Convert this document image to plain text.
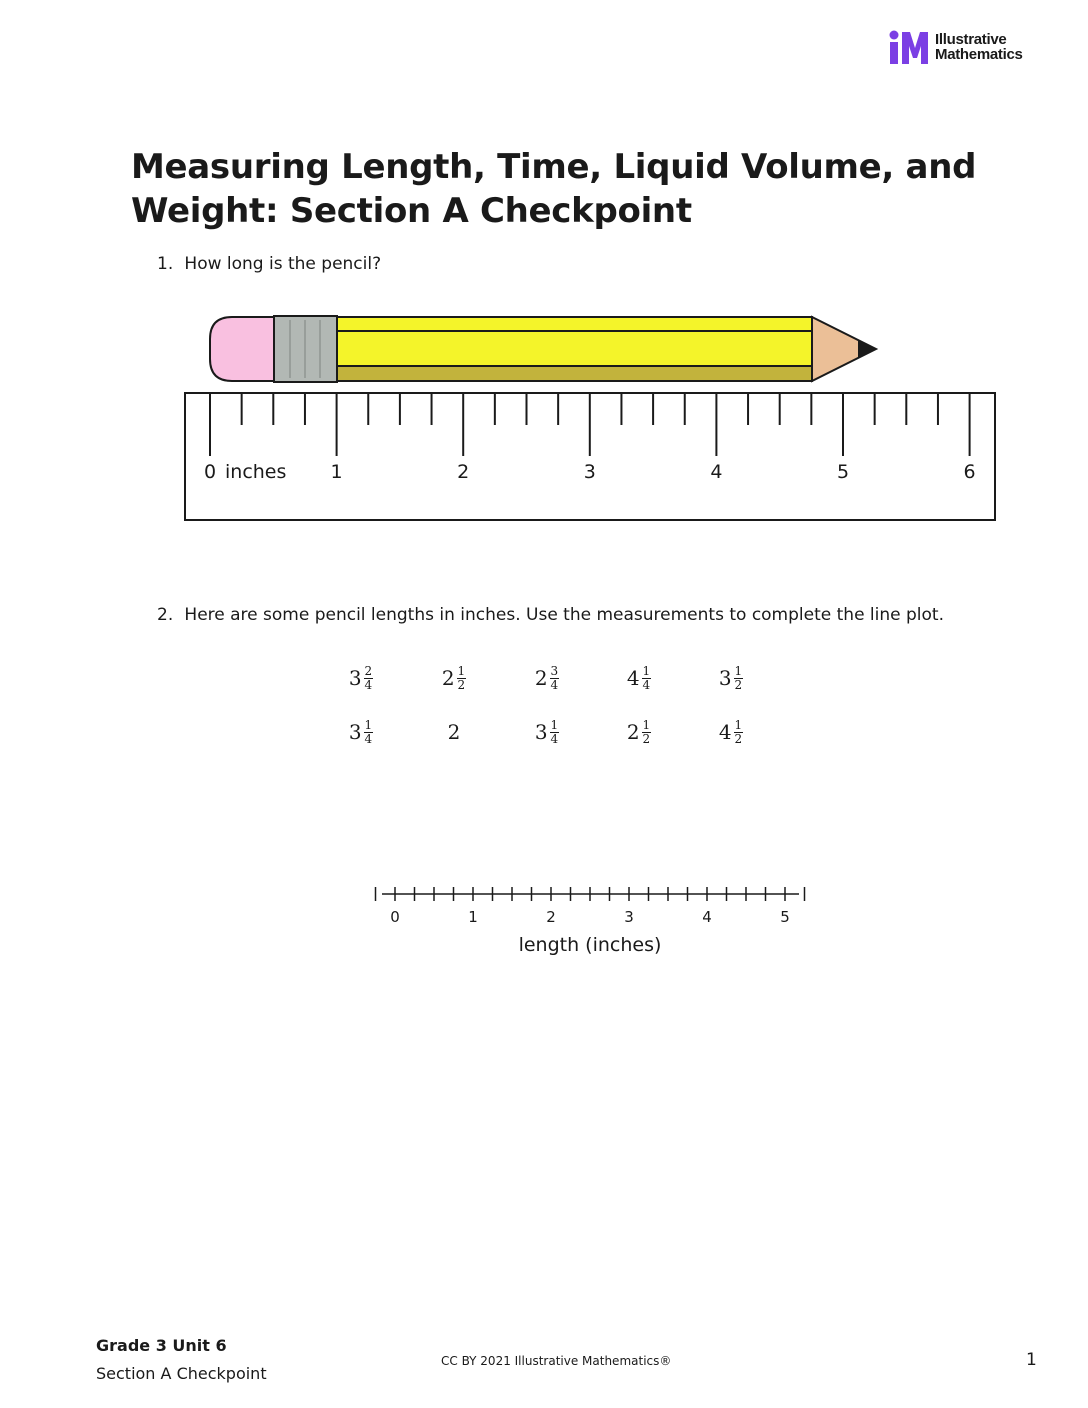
Illustrative
Mathematics
Measuring Length, Time, Liquid Volume, and Weight: Section A Checkpoint
1. How long is the pencil?
inches
0	1	2	3	4	5	6
2. Here are some pencil lengths in inches. Use the measurements to complete the line plot.
$3 \frac{2}{4}$	$2 \frac{1}{2}$	$2 \frac{3}{4}$	$4 \frac{1}{4}$	$3 \frac{1}{2}$
$3 \frac{1}{4}$	2	$3 \frac{1}{4}$	$2 \frac{1}{2}$	$4 \frac{1}{2}$
length (inches)
0	1	2	3	4	5
Grade 3 Unit 6
Section A Checkpoint
CC BY 2021 Illustrative Mathematics®	1
